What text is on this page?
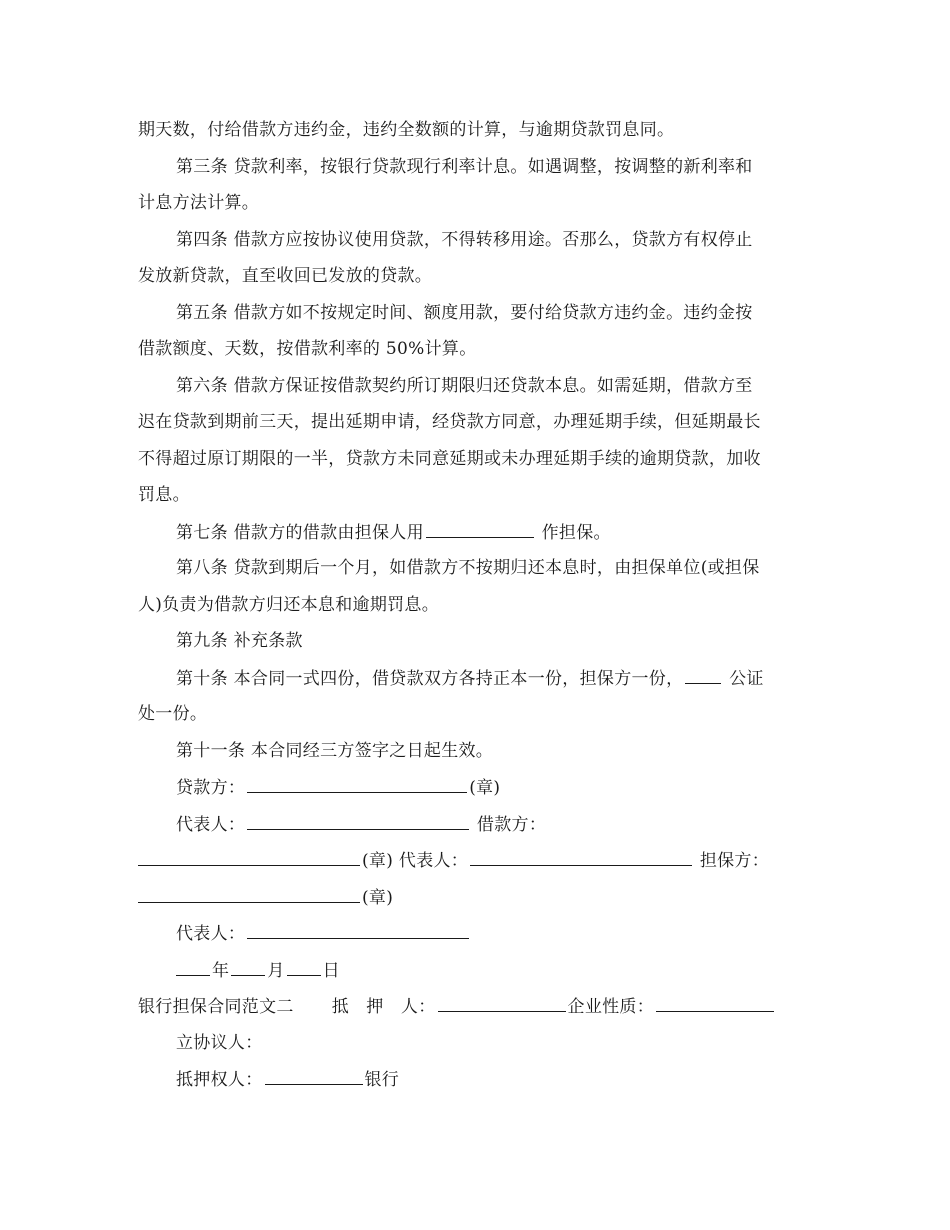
期天数，付给借款方违约金，违约全数额的计算，与逾期贷款罚息同。
第三条 贷款利率，按银行贷款现行利率计息。如遇调整，按调整的新利率和
计息方法计算。
第四条 借款方应按协议使用贷款，不得转移用途。否那么，贷款方有权停止
发放新贷款，直至收回已发放的贷款。
第五条 借款方如不按规定时间、额度用款，要付给贷款方违约金。违约金按
借款额度、天数，按借款利率的 50%计算。
第六条 借款方保证按借款契约所订期限归还贷款本息。如需延期，借款方至
迟在贷款到期前三天，提出延期申请，经贷款方同意，办理延期手续，但延期最长
不得超过原订期限的一半，贷款方未同意延期或未办理延期手续的逾期贷款，加收
罚息。
第七条 借款方的借款由担保人用	作担保。
第八条 贷款到期后一个月，如借款方不按期归还本息时，由担保单位(或担保
人)负责为借款方归还本息和逾期罚息。
第九条 补充条款
第十条 本合同一式四份，借贷款双方各持正本一份，担保方一份，	公证
处一份。
第十一条 本合同经三方签字之日起生效。
贷款方：	(章)
代表人：	借款方：
(章) 代表人：	担保方：
(章)
代表人：
年 月 日
银行担保合同范文二 抵　押　人：	企业性质：
立协议人：
抵押权人：	银行
